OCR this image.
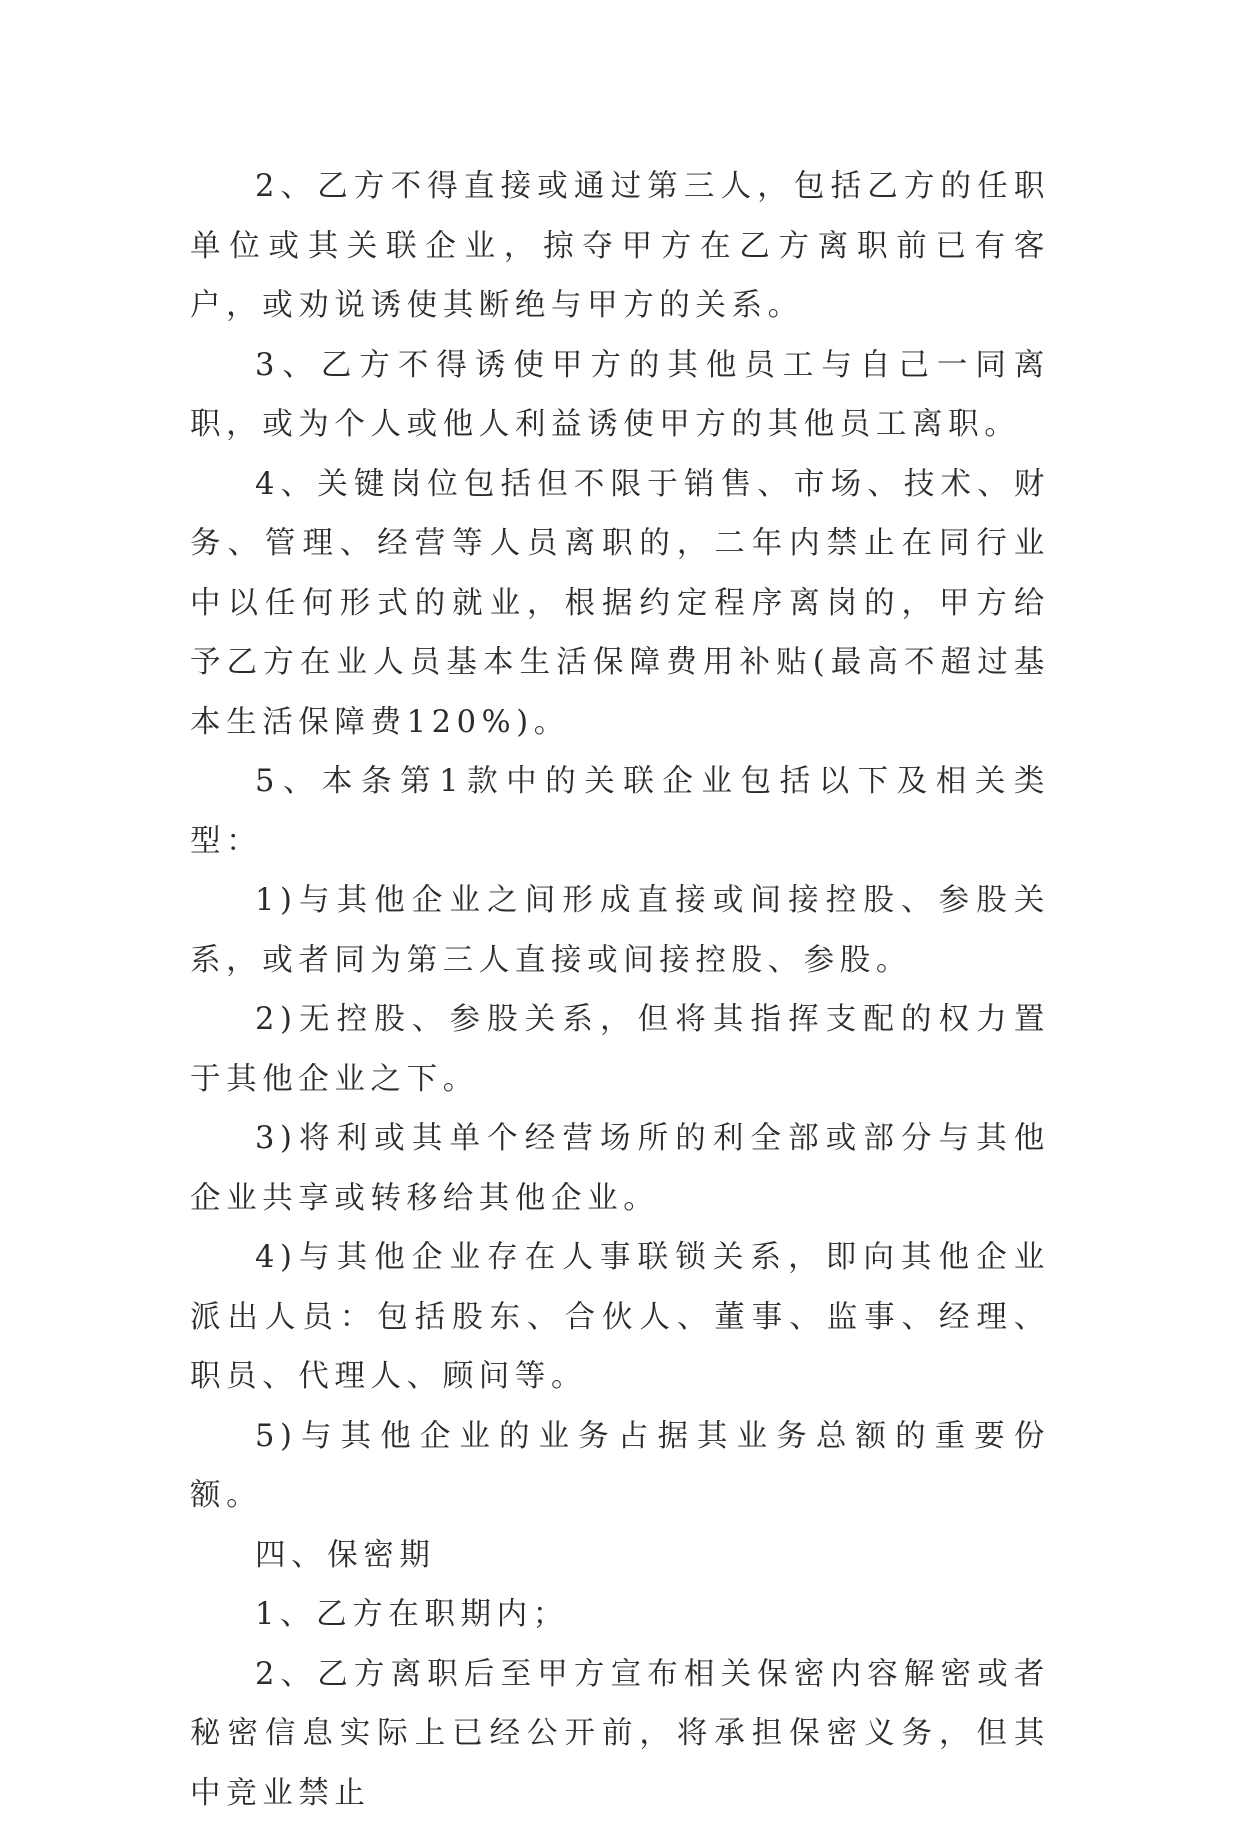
2、乙方不得直接或通过第三人，包括乙方的任职单位或其关联企业，掠夺甲方在乙方离职前已有客户，或劝说诱使其断绝与甲方的关系。

3、乙方不得诱使甲方的其他员工与自己一同离职，或为个人或他人利益诱使甲方的其他员工离职。

4、关键岗位包括但不限于销售、市场、技术、财务、管理、经营等人员离职的，二年内禁止在同行业中以任何形式的就业，根据约定程序离岗的，甲方给予乙方在业人员基本生活保障费用补贴(最高不超过基本生活保障费120%)。

5、本条第1款中的关联企业包括以下及相关类型：

1)与其他企业之间形成直接或间接控股、参股关系，或者同为第三人直接或间接控股、参股。

2)无控股、参股关系，但将其指挥支配的权力置于其他企业之下。

3)将利或其单个经营场所的利全部或部分与其他企业共享或转移给其他企业。

4)与其他企业存在人事联锁关系，即向其他企业派出人员：包括股东、合伙人、董事、监事、经理、职员、代理人、顾问等。

5)与其他企业的业务占据其业务总额的重要份额。

四、保密期

1、乙方在职期内；

2、乙方离职后至甲方宣布相关保密内容解密或者秘密信息实际上已经公开前，将承担保密义务，但其中竞业禁止
